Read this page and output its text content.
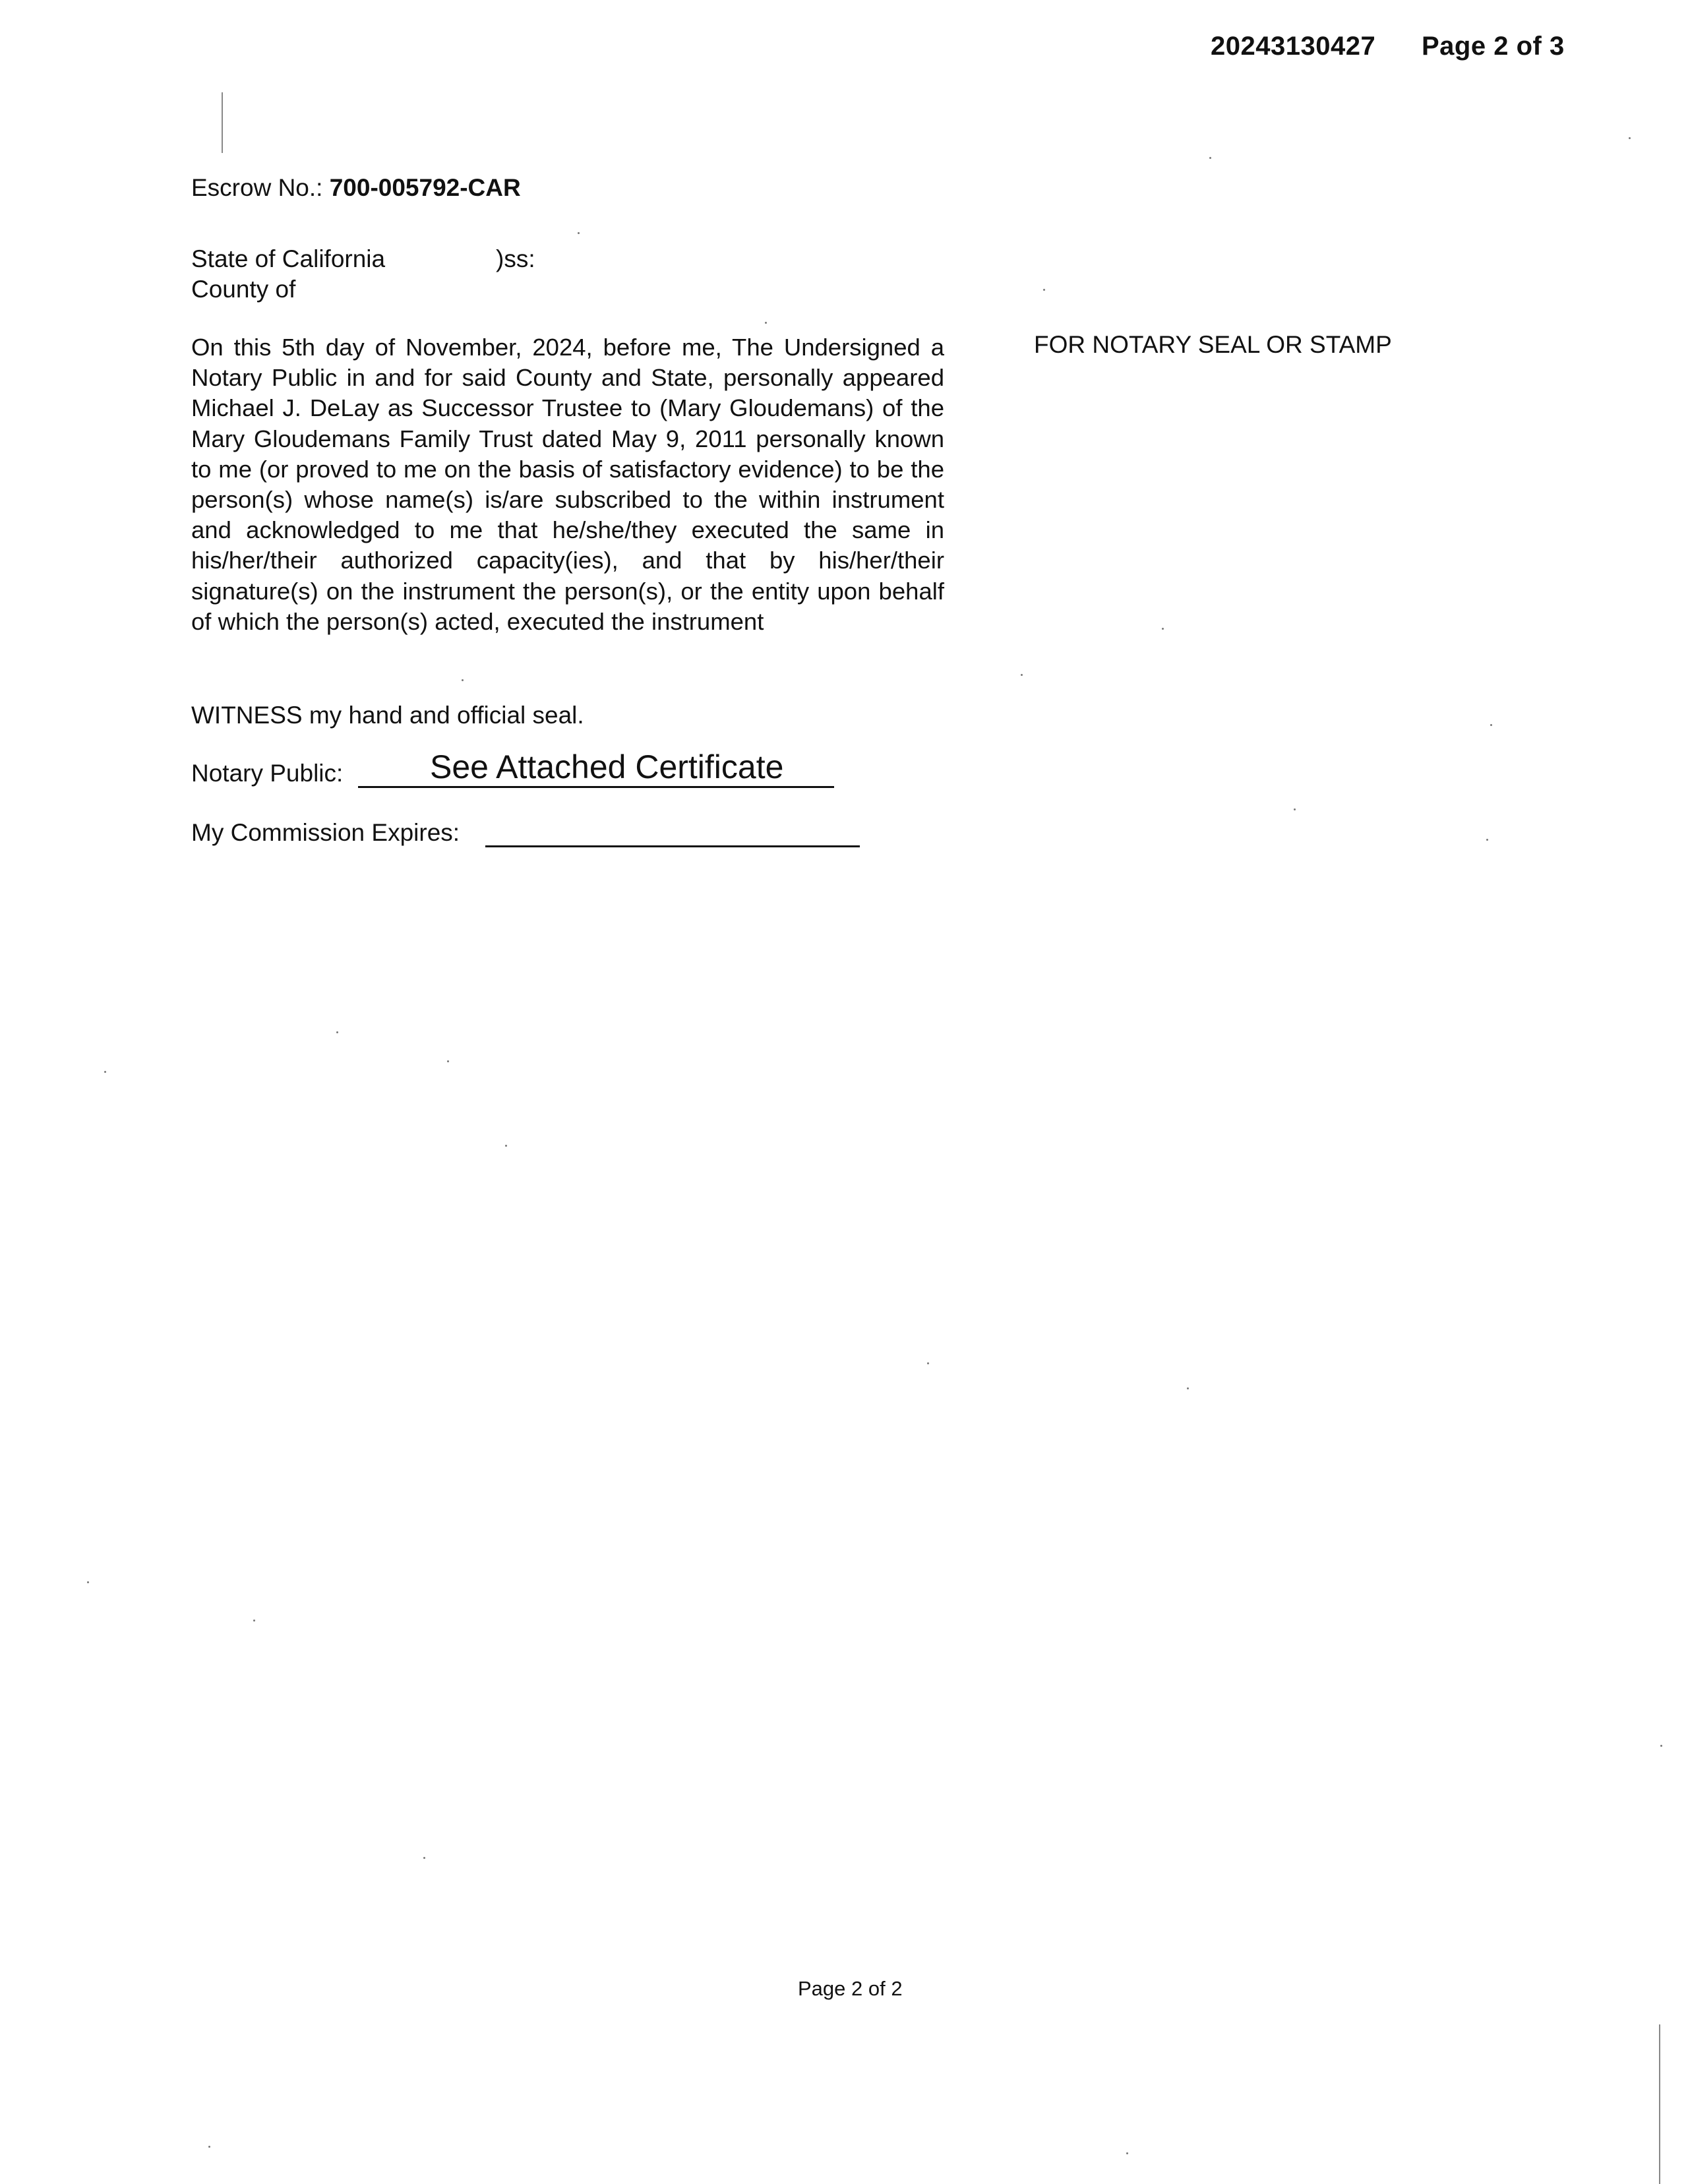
20243130427 Page 2 of 3
Escrow No.: 700-005792-CAR
State of California	)ss:
County of
On this 5th day of November, 2024, before me, The Undersigned a Notary Public in and for said County and State, personally appeared Michael J. DeLay as Successor Trustee to (Mary Gloudemans) of the Mary Gloudemans Family Trust dated May 9, 2011 personally known to me (or proved to me on the basis of satisfactory evidence) to be the person(s) whose name(s) is/are subscribed to the within instrument and acknowledged to me that he/she/they executed the same in his/her/their authorized capacity(ies), and that by his/her/their signature(s) on the instrument the person(s), or the entity upon behalf of which the person(s) acted, executed the instrument
FOR NOTARY SEAL OR STAMP
WITNESS my hand and official seal.
Notary Public:	See Attached Certificate
My Commission Expires:
Page 2 of 2
